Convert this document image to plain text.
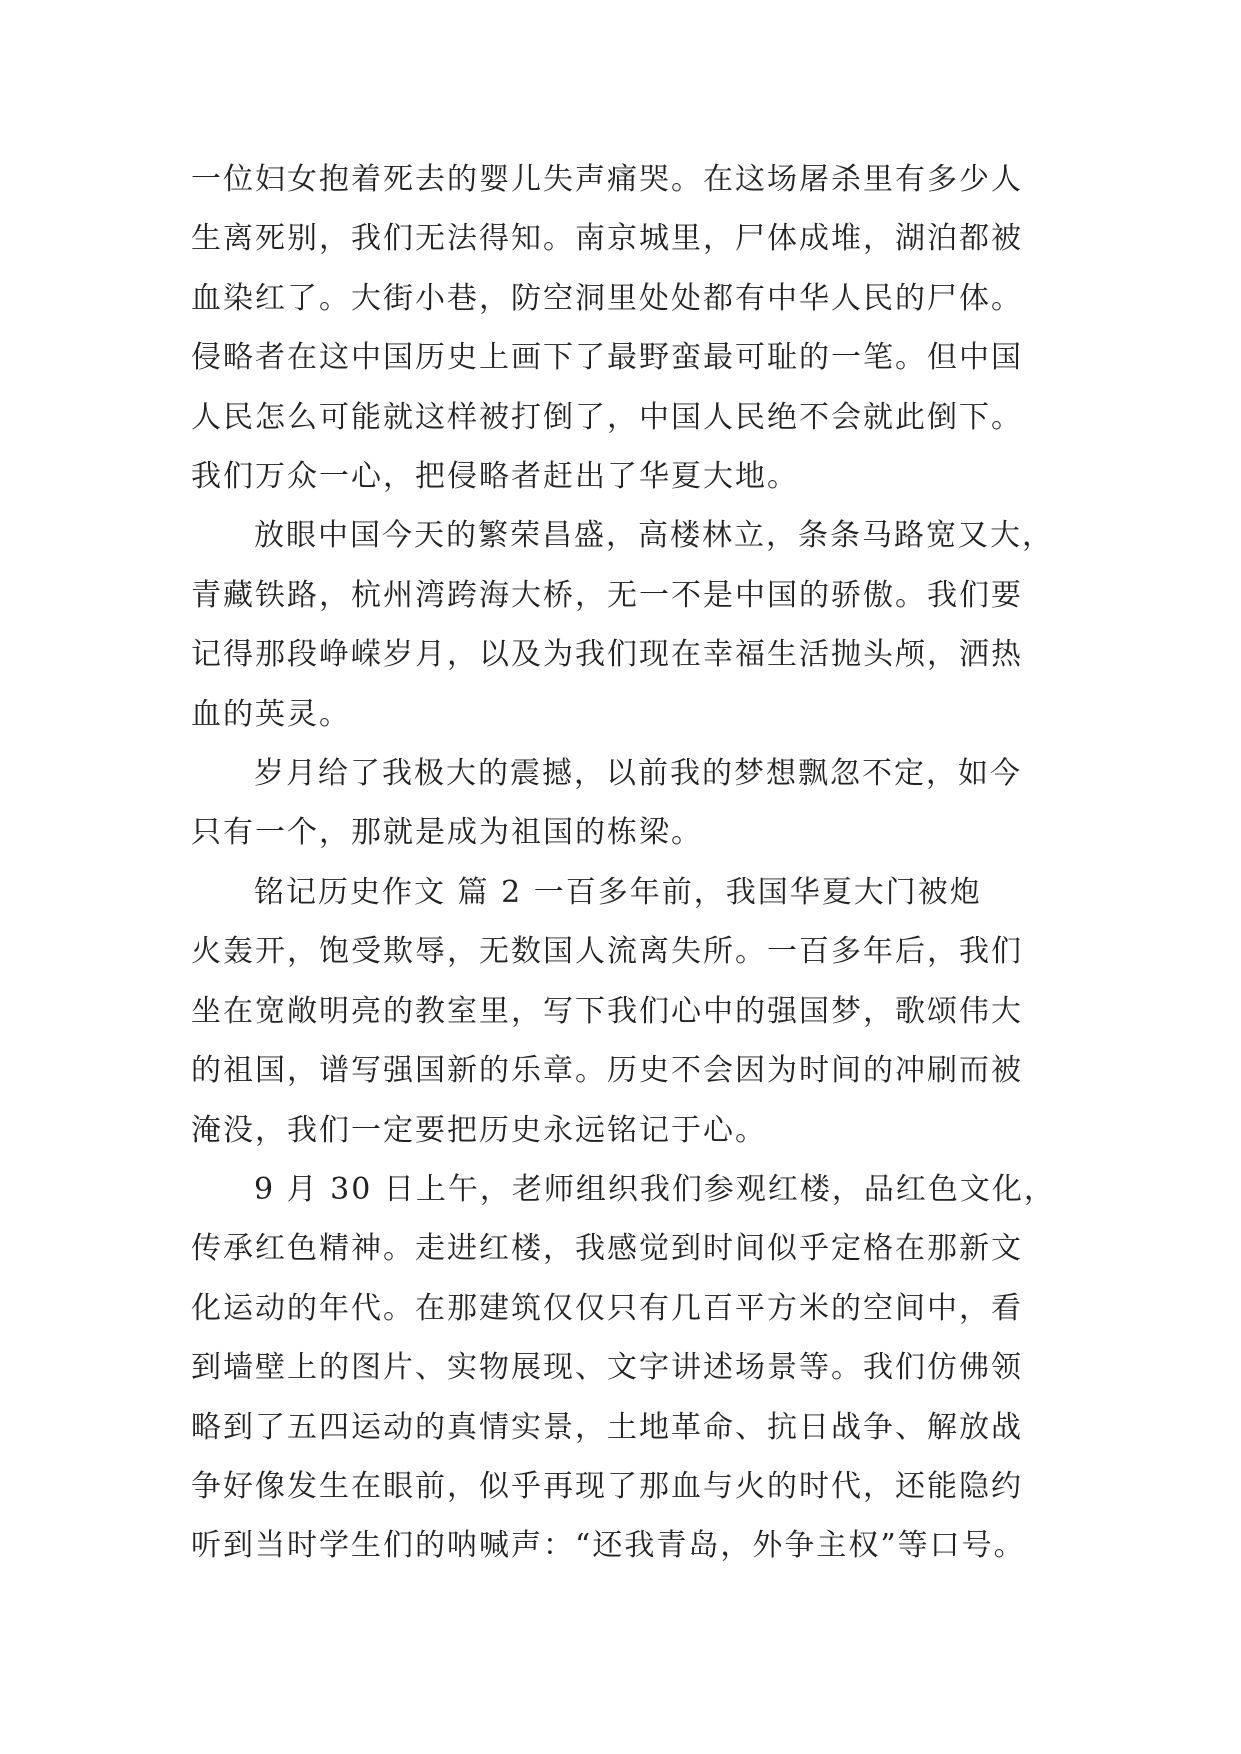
一位妇女抱着死去的婴儿失声痛哭。在这场屠杀里有多少人
生离死别，我们无法得知。南京城里，尸体成堆，湖泊都被
血染红了。大街小巷，防空洞里处处都有中华人民的尸体。
侵略者在这中国历史上画下了最野蛮最可耻的一笔。但中国
人民怎么可能就这样被打倒了，中国人民绝不会就此倒下。
我们万众一心，把侵略者赶出了华夏大地。
放眼中国今天的繁荣昌盛，高楼林立，条条马路宽又大，
青藏铁路，杭州湾跨海大桥，无一不是中国的骄傲。我们要
记得那段峥嵘岁月，以及为我们现在幸福生活抛头颅，洒热
血的英灵。
岁月给了我极大的震撼，以前我的梦想飘忽不定，如今
只有一个，那就是成为祖国的栋梁。
铭记历史作文 篇 2 一百多年前，我国华夏大门被炮
火轰开，饱受欺辱，无数国人流离失所。一百多年后，我们
坐在宽敞明亮的教室里，写下我们心中的强国梦，歌颂伟大
的祖国，谱写强国新的乐章。历史不会因为时间的冲刷而被
淹没，我们一定要把历史永远铭记于心。
9 月 30 日上午，老师组织我们参观红楼，品红色文化，
传承红色精神。走进红楼，我感觉到时间似乎定格在那新文
化运动的年代。在那建筑仅仅只有几百平方米的空间中，看
到墙壁上的图片、实物展现、文字讲述场景等。我们仿佛领
略到了五四运动的真情实景，土地革命、抗日战争、解放战
争好像发生在眼前，似乎再现了那血与火的时代，还能隐约
听到当时学生们的呐喊声：“还我青岛，外争主权”等口号。
